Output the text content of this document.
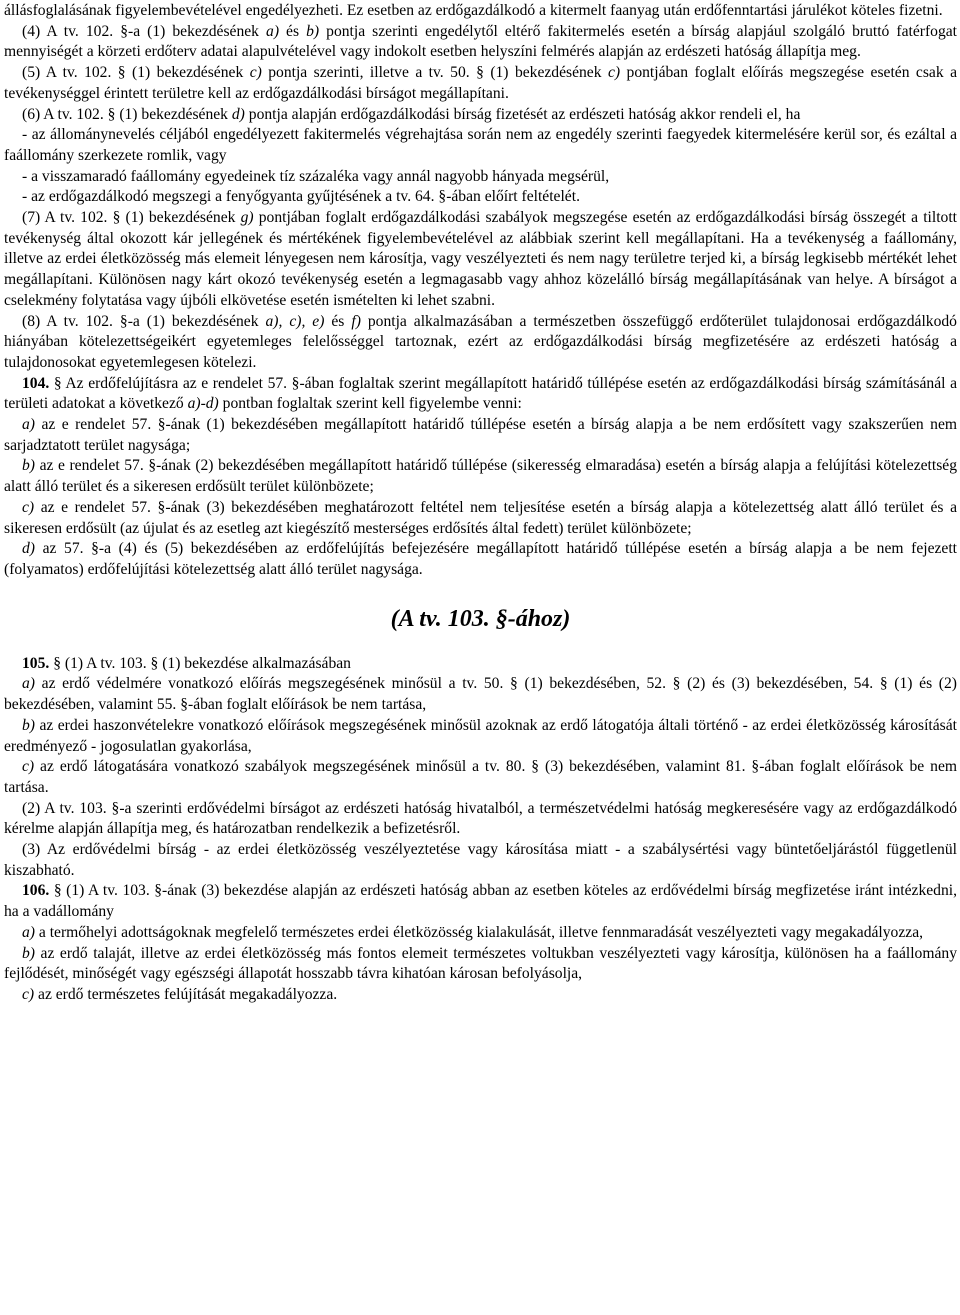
állásfoglalásának figyelembevételével engedélyezheti. Ez esetben az erdőgazdálkodó a kitermelt faanyag után erdőfenntartási járulékot köteles fizetni.

(4) A tv. 102. §-a (1) bekezdésének a) és b) pontja szerinti engedélytől eltérő fakitermelés esetén a bírság alapjául szolgáló bruttó fatérfogat mennyiségét a körzeti erdőterv adatai alapulvételével vagy indokolt esetben helyszíni felmérés alapján az erdészeti hatóság állapítja meg.

(5) A tv. 102. § (1) bekezdésének c) pontja szerinti, illetve a tv. 50. § (1) bekezdésének c) pontjában foglalt előírás megszegése esetén csak a tevékenységgel érintett területre kell az erdőgazdálkodási bírságot megállapítani.

(6) A tv. 102. § (1) bekezdésének d) pontja alapján erdőgazdálkodási bírság fizetését az erdészeti hatóság akkor rendeli el, ha

- az állománynevelés céljából engedélyezett fakitermelés végrehajtása során nem az engedély szerinti faegyedek kitermelésére kerül sor, és ezáltal a faállomány szerkezete romlik, vagy

- a visszamaradó faállomány egyedeinek tíz százaléka vagy annál nagyobb hányada megsérül,

- az erdőgazdálkodó megszegi a fenyőgyanta gyűjtésének a tv. 64. §-ában előírt feltételét.

(7) A tv. 102. § (1) bekezdésének g) pontjában foglalt erdőgazdálkodási szabályok megszegése esetén az erdőgazdálkodási bírság összegét a tiltott tevékenység által okozott kár jellegének és mértékének figyelembevételével az alábbiak szerint kell megállapítani. Ha a tevékenység a faállomány, illetve az erdei életközösség más elemeit lényegesen nem károsítja, vagy veszélyezteti és nem nagy területre terjed ki, a bírság legkisebb mértékét lehet megállapítani. Különösen nagy kárt okozó tevékenység esetén a legmagasabb vagy ahhoz közelálló bírság megállapításának van helye. A bírságot a cselekmény folytatása vagy újbóli elkövetése esetén ismételten ki lehet szabni.

(8) A tv. 102. §-a (1) bekezdésének a), c), e) és f) pontja alkalmazásában a természetben összefüggő erdőterület tulajdonosai erdőgazdálkodó hiányában kötelezettségeikért egyetemleges felelősséggel tartoznak, ezért az erdőgazdálkodási bírság megfizetésére az erdészeti hatóság a tulajdonosokat egyetemlegesen kötelezi.

104. § Az erdőfelújításra az e rendelet 57. §-ában foglaltak szerint megállapított határidő túllépése esetén az erdőgazdálkodási bírság számításánál a területi adatokat a következő a)-d) pontban foglaltak szerint kell figyelembe venni:

a) az e rendelet 57. §-ának (1) bekezdésében megállapított határidő túllépése esetén a bírság alapja a be nem erdősített vagy szakszerűen nem sarjadztatott terület nagysága;

b) az e rendelet 57. §-ának (2) bekezdésében megállapított határidő túllépése (sikeresség elmaradása) esetén a bírság alapja a felújítási kötelezettség alatt álló terület és a sikeresen erdősült terület különbözete;

c) az e rendelet 57. §-ának (3) bekezdésében meghatározott feltétel nem teljesítése esetén a bírság alapja a kötelezettség alatt álló terület és a sikeresen erdősült (az újulat és az esetleg azt kiegészítő mesterséges erdősítés által fedett) terület különbözete;

d) az 57. §-a (4) és (5) bekezdésében az erdőfelújítás befejezésére megállapított határidő túllépése esetén a bírság alapja a be nem fejezett (folyamatos) erdőfelújítási kötelezettség alatt álló terület nagysága.

(A tv. 103. §-ához)

105. § (1) A tv. 103. § (1) bekezdése alkalmazásában

a) az erdő védelmére vonatkozó előírás megszegésének minősül a tv. 50. § (1) bekezdésében, 52. § (2) és (3) bekezdésében, 54. § (1) és (2) bekezdésében, valamint 55. §-ában foglalt előírások be nem tartása,

b) az erdei haszonvételekre vonatkozó előírások megszegésének minősül azoknak az erdő látogatója általi történő - az erdei életközösség károsítását eredményező - jogosulatlan gyakorlása,

c) az erdő látogatására vonatkozó szabályok megszegésének minősül a tv. 80. § (3) bekezdésében, valamint 81. §-ában foglalt előírások be nem tartása.

(2) A tv. 103. §-a szerinti erdővédelmi bírságot az erdészeti hatóság hivatalból, a természetvédelmi hatóság megkeresésére vagy az erdőgazdálkodó kérelme alapján állapítja meg, és határozatban rendelkezik a befizetésről.

(3) Az erdővédelmi bírság - az erdei életközösség veszélyeztetése vagy károsítása miatt - a szabálysértési vagy büntetőeljárástól függetlenül kiszabható.

106. § (1) A tv. 103. §-ának (3) bekezdése alapján az erdészeti hatóság abban az esetben köteles az erdővédelmi bírság megfizetése iránt intézkedni, ha a vadállomány

a) a termőhelyi adottságoknak megfelelő természetes erdei életközösség kialakulását, illetve fennmaradását veszélyezteti vagy megakadályozza,

b) az erdő talaját, illetve az erdei életközösség más fontos elemeit természetes voltukban veszélyezteti vagy károsítja, különösen ha a faállomány fejlődését, minőségét vagy egészségi állapotát hosszabb távra kihatóan károsan befolyásolja,

c) az erdő természetes felújítását megakadályozza.
